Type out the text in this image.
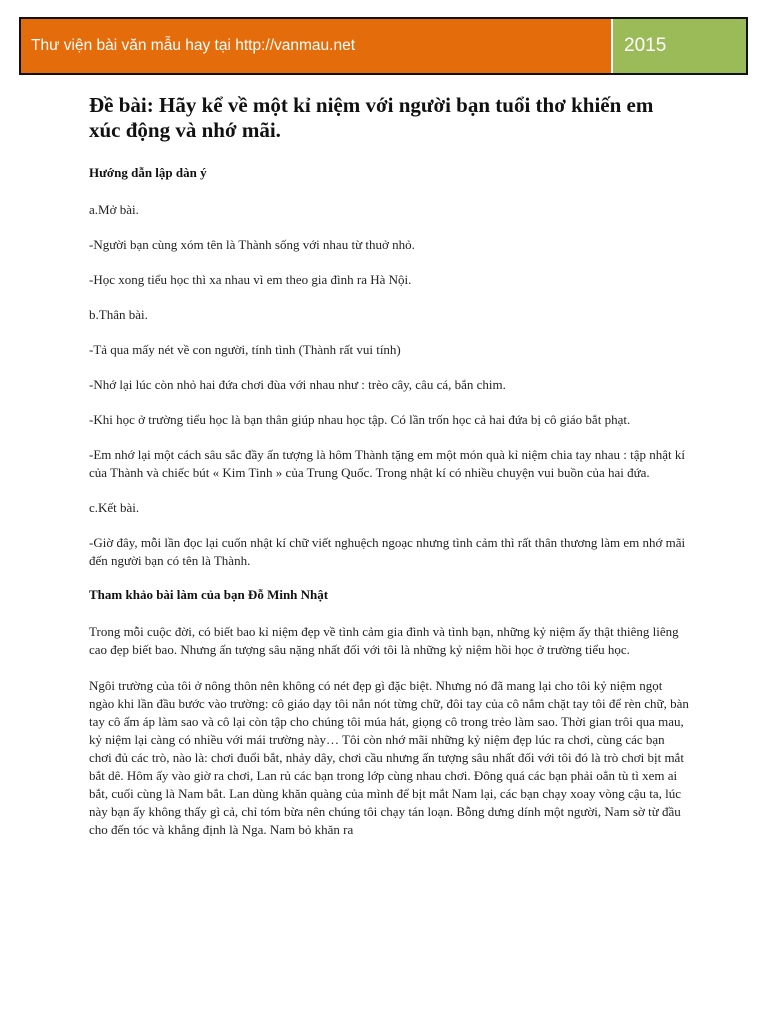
Thư viện bài văn mẫu hay tại http://vanmau.net	2015
Đề bài: Hãy kể về một kỉ niệm với người bạn tuổi thơ khiến em xúc động và nhớ mãi.
Hướng dẫn lập dàn ý

a.Mở bài.

-Người bạn cùng xóm tên là Thành sống với nhau từ thuở nhỏ.

-Học xong tiểu học thì xa nhau vì em theo gia đình ra Hà Nội.

b.Thân bài.

-Tả qua mấy nét về con người, tính tình (Thành rất vui tính)

-Nhớ lại lúc còn nhỏ hai đứa chơi đùa với nhau như : trèo cây, câu cá, bắn chim.

-Khi học ở trường tiểu học là bạn thân giúp nhau học tập. Có lần trốn học cả hai đứa bị cô giáo bắt phạt.

-Em nhớ lại một cách sâu sắc đầy ấn tượng là hôm Thành tặng em một món quà kỉ niệm chia tay nhau : tập nhật kí của Thành và chiếc bút « Kim Tinh » của Trung Quốc. Trong nhật kí có nhiều chuyện vui buồn của hai đứa.

c.Kết bài.

-Giờ đây, mỗi lần đọc lại cuốn nhật kí chữ viết nghuệch ngoạc nhưng tình cảm thì rất thân thương làm em nhớ mãi đến người bạn có tên là Thành.

Tham khảo bài làm của bạn Đỗ Minh Nhật

Trong mỗi cuộc đời, có biết bao kỉ niệm đẹp về tình cảm gia đình và tình bạn, những kỷ niệm ấy thật thiêng liêng cao đẹp biết bao. Nhưng ấn tượng sâu nặng nhất đối với tôi là những kỷ niệm hồi học ở trường tiểu học.

Ngôi trường của tôi ở nông thôn nên không có nét đẹp gì đặc biệt. Nhưng nó đã mang lại cho tôi kỷ niệm ngọt ngào khi lần đầu bước vào trường: cô giáo dạy tôi nắn nót từng chữ, đôi tay của cô nắm chặt tay tôi để rèn chữ, bàn tay cô ấm áp làm sao và cô lại còn tập cho chúng tôi múa hát, giọng cô trong trẻo làm sao. Thời gian trôi qua mau, kỷ niệm lại càng có nhiều với mái trường này… Tôi còn nhớ mãi những kỷ niệm đẹp lúc ra chơi, cùng các bạn chơi đủ các trò, nào là: chơi đuổi bắt, nhảy dây, chơi cầu nhưng ấn tượng sâu nhất đối với tôi đó là trò chơi bịt mắt bắt dê. Hôm ấy vào giờ ra chơi, Lan rủ các bạn trong lớp cùng nhau chơi. Đông quá các bạn phải oẳn tù tì xem ai bắt, cuối cùng là Nam bắt. Lan dùng khăn quàng của mình để bịt mắt Nam lại, các bạn chạy xoay vòng cậu ta, lúc này bạn ấy không thấy gì cả, chỉ tóm bừa nên chúng tôi chạy tán loạn. Bỗng dưng dính một người, Nam sờ từ đầu cho đến tóc và khẳng định là Nga. Nam bỏ khăn ra
